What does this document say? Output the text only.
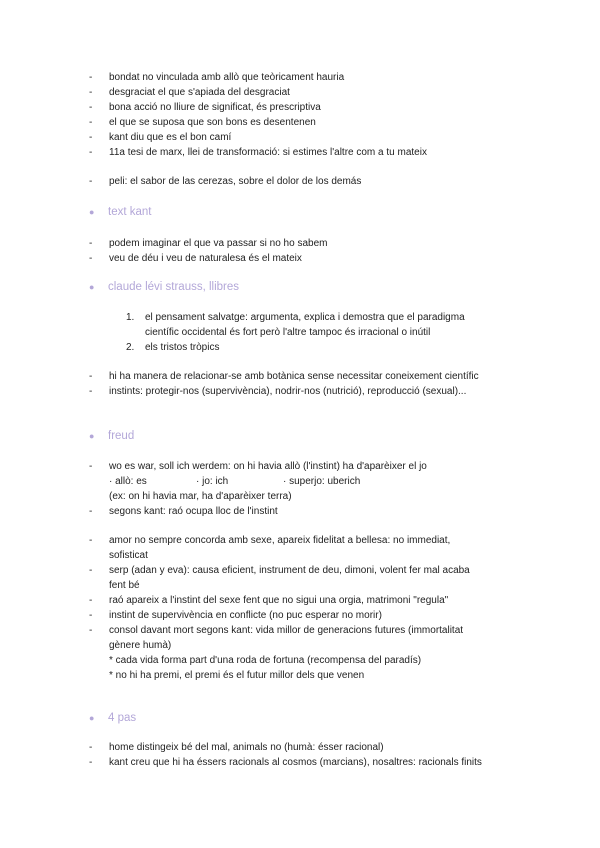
- bondat no vinculada amb allò que teòricament hauria
- desgraciat el que s'apiada del desgraciat
- bona acció no lliure de significat, és prescriptiva
- el que se suposa que son bons es desentenen
- kant diu que es el bon camí
- 11a tesi de marx, llei de transformació: si estimes l'altre com a tu mateix
- peli: el sabor de las cerezas, sobre el dolor de los demás
● text kant
- podem imaginar el que va passar si no ho sabem
- veu de déu i veu de naturalesa és el mateix
● claude lévi strauss, llibres
1. el pensament salvatge: argumenta, explica i demostra que el paradigma
científic occidental és fort però l'altre tampoc és irracional o inútil
2. els tristos tròpics
- hi ha manera de relacionar-se amb botànica sense necessitar coneixement científic
- instints: protegir-nos (supervivència), nodrir-nos (nutrició), reproducció (sexual)...
● freud
- wo es war, soll ich werdem: on hi havia allò (l'instint) ha d'aparèixer el jo
· allò: es	· jo: ich	· superjo: uberich
(ex: on hi havia mar, ha d'aparèixer terra)
- segons kant: raó ocupa lloc de l'instint
- amor no sempre concorda amb sexe, apareix fidelitat a bellesa: no immediat,
sofisticat
- serp (adan y eva): causa eficient, instrument de deu, dimoni, volent fer mal acaba
fent bé
- raó apareix a l'instint del sexe fent que no sigui una orgia, matrimoni "regula"
- instint de supervivència en conflicte (no puc esperar no morir)
- consol davant mort segons kant: vida millor de generacions futures (immortalitat
gènere humà)
* cada vida forma part d'una roda de fortuna (recompensa del paradís)
* no hi ha premi, el premi és el futur millor dels que venen
● 4 pas
- home distingeix bé del mal, animals no (humà: ésser racional)
- kant creu que hi ha éssers racionals al cosmos (marcians), nosaltres: racionals finits
